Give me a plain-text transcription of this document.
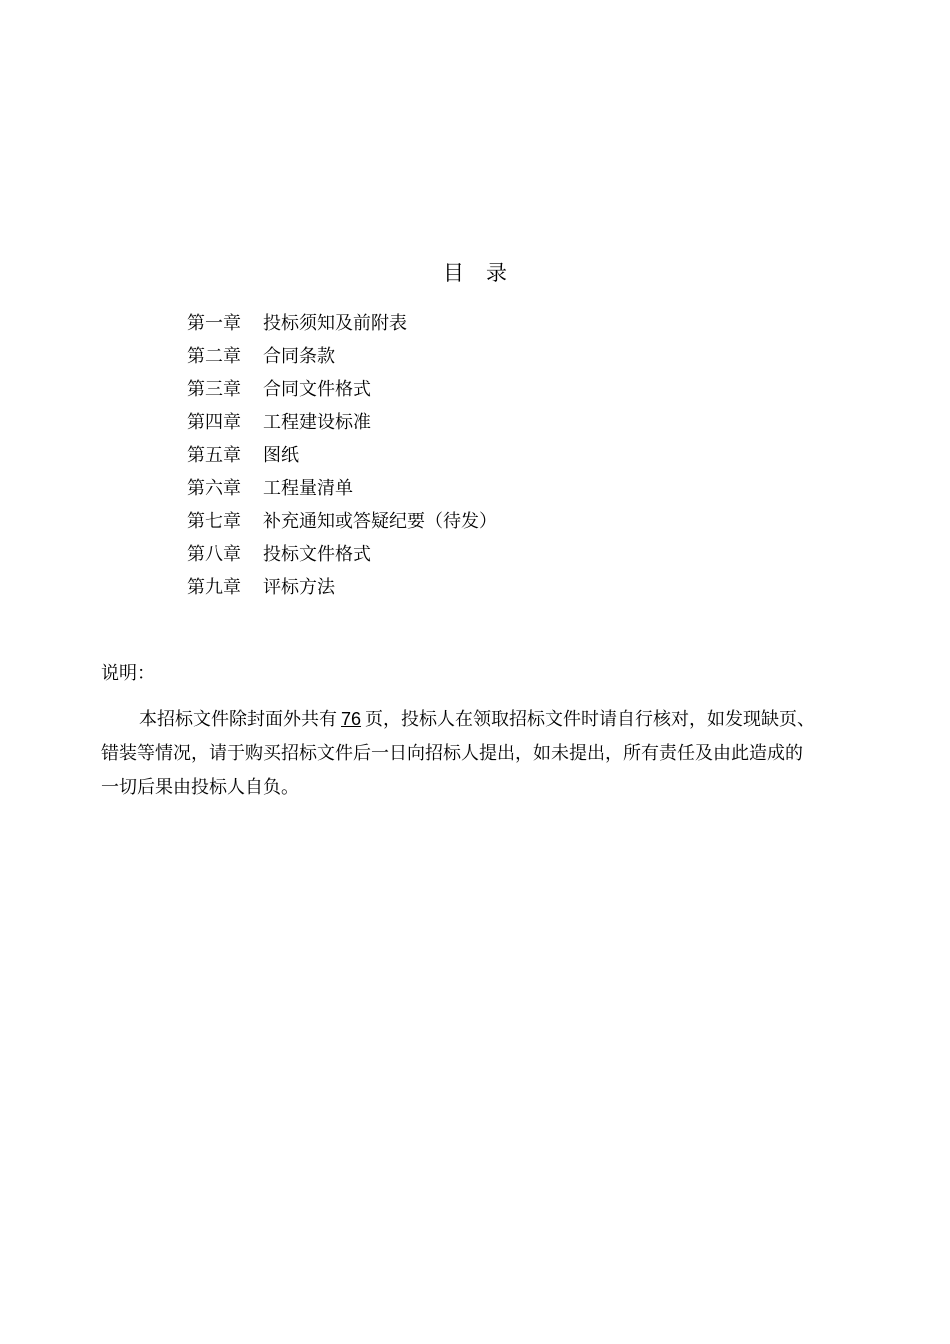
目 录
第一章 投标须知及前附表
第二章 合同条款
第三章 合同文件格式
第四章 工程建设标准
第五章 图纸
第六章 工程量清单
第七章 补充通知或答疑纪要（待发）
第八章 投标文件格式
第九章 评标方法
说明：

本招标文件除封面外共有 76 页，投标人在领取招标文件时请自行核对，如发现缺页、
错装等情况，请于购买招标文件后一日向招标人提出，如未提出，所有责任及由此造成的
一切后果由投标人自负。
